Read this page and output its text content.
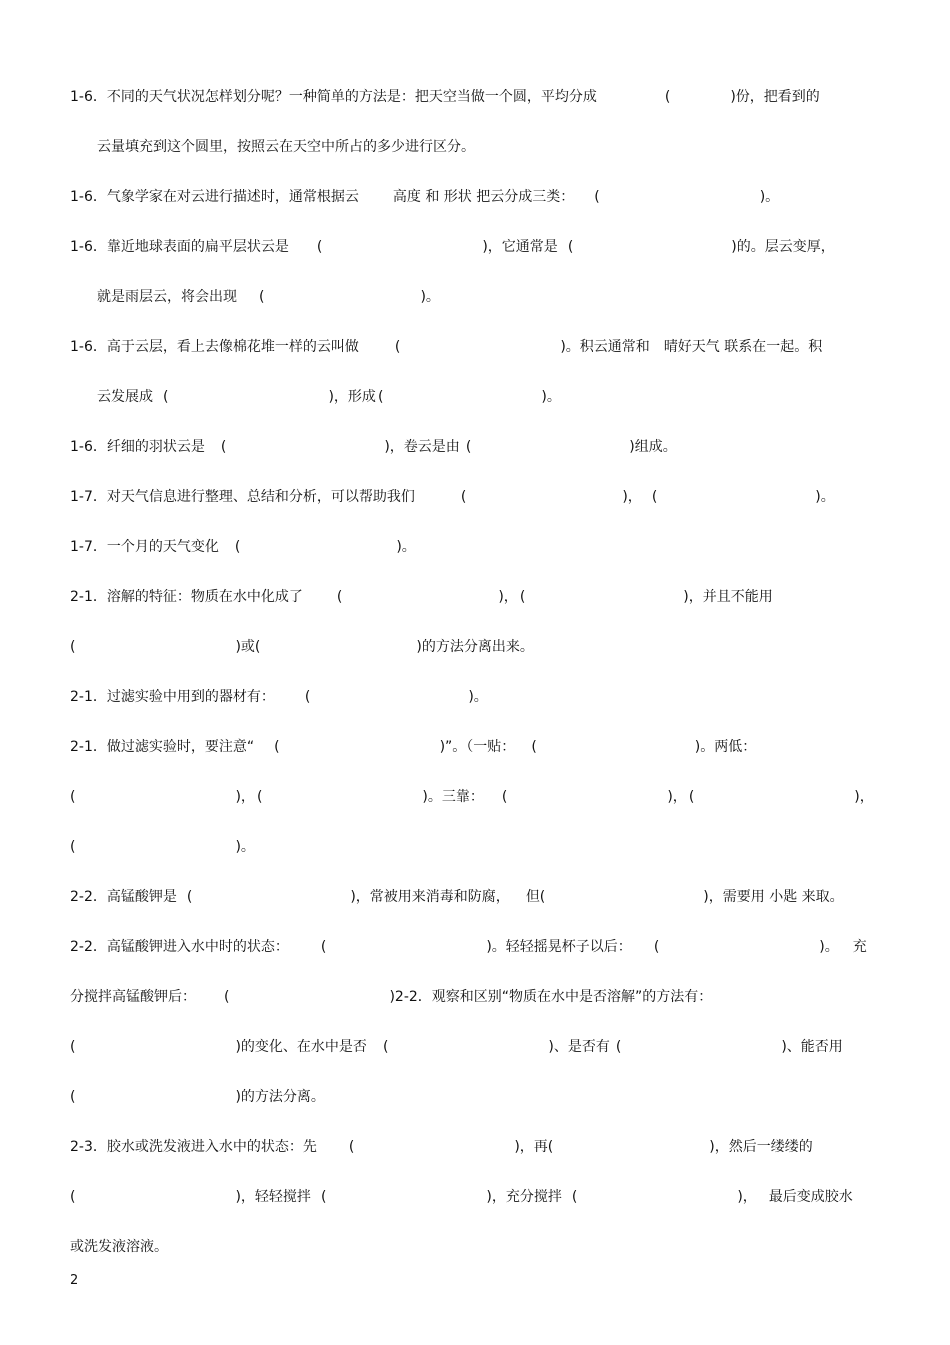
1-6．不同的天气状况怎样划分呢？一种简单的方法是：把天空当做一个圆，平均分成	(	)份，把看到的
云量填充到这个圆里，按照云在天空中所占的多少进行区分。
1-6．气象学家在对云进行描述时，通常根据云 高度 和 形状 把云分成三类： (	)。
1-6．靠近地球表面的扁平层状云是 (	)，它通常是 (	)的。层云变厚，
就是雨层云，将会出现 (	)。
1-6．高于云层，看上去像棉花堆一样的云叫做	(	)。积云通常和 晴好天气 联系在一起。积
云发展成 (	)，形成 (	)。
1-6．纤细的羽状云是 (	)，卷云是由 (	)组成。
1-7．对天气信息进行整理、总结和分析，可以帮助我们	(	)， (	)。
1-7．一个月的天气变化 (	)。
2-1．溶解的特征：物质在水中化成了 (	)， (	)，并且不能用
(	)或(	)的方法分离出来。
2-1．过滤实验中用到的器材有： (	)。
2-1．做过滤实验时，要注意“ (	)”。（一贴： (	)。两低：
(	)， (	)。三靠： (	)， (	)，
(	)。
2-2．高锰酸钾是 (	)，常被用来消毒和防腐， 但(	)，需要用 小匙 来取。
2-2．高锰酸钾进入水中时的状态： (	)。轻轻摇晃杯子以后： (	)。 充
分搅拌高锰酸钾后： (	)2-2．观察和区别“物质在水中是否溶解”的方法有：
(	)的变化、在水中是否 (	)、是否有 (	)、能否用
(	)的方法分离。
2-3．胶水或洗发液进入水中的状态：先 (	)，再(	)，然后一缕缕的
(	)，轻轻搅拌 (	)，充分搅拌 (	)， 最后变成胶水
或洗发液溶液。
2
